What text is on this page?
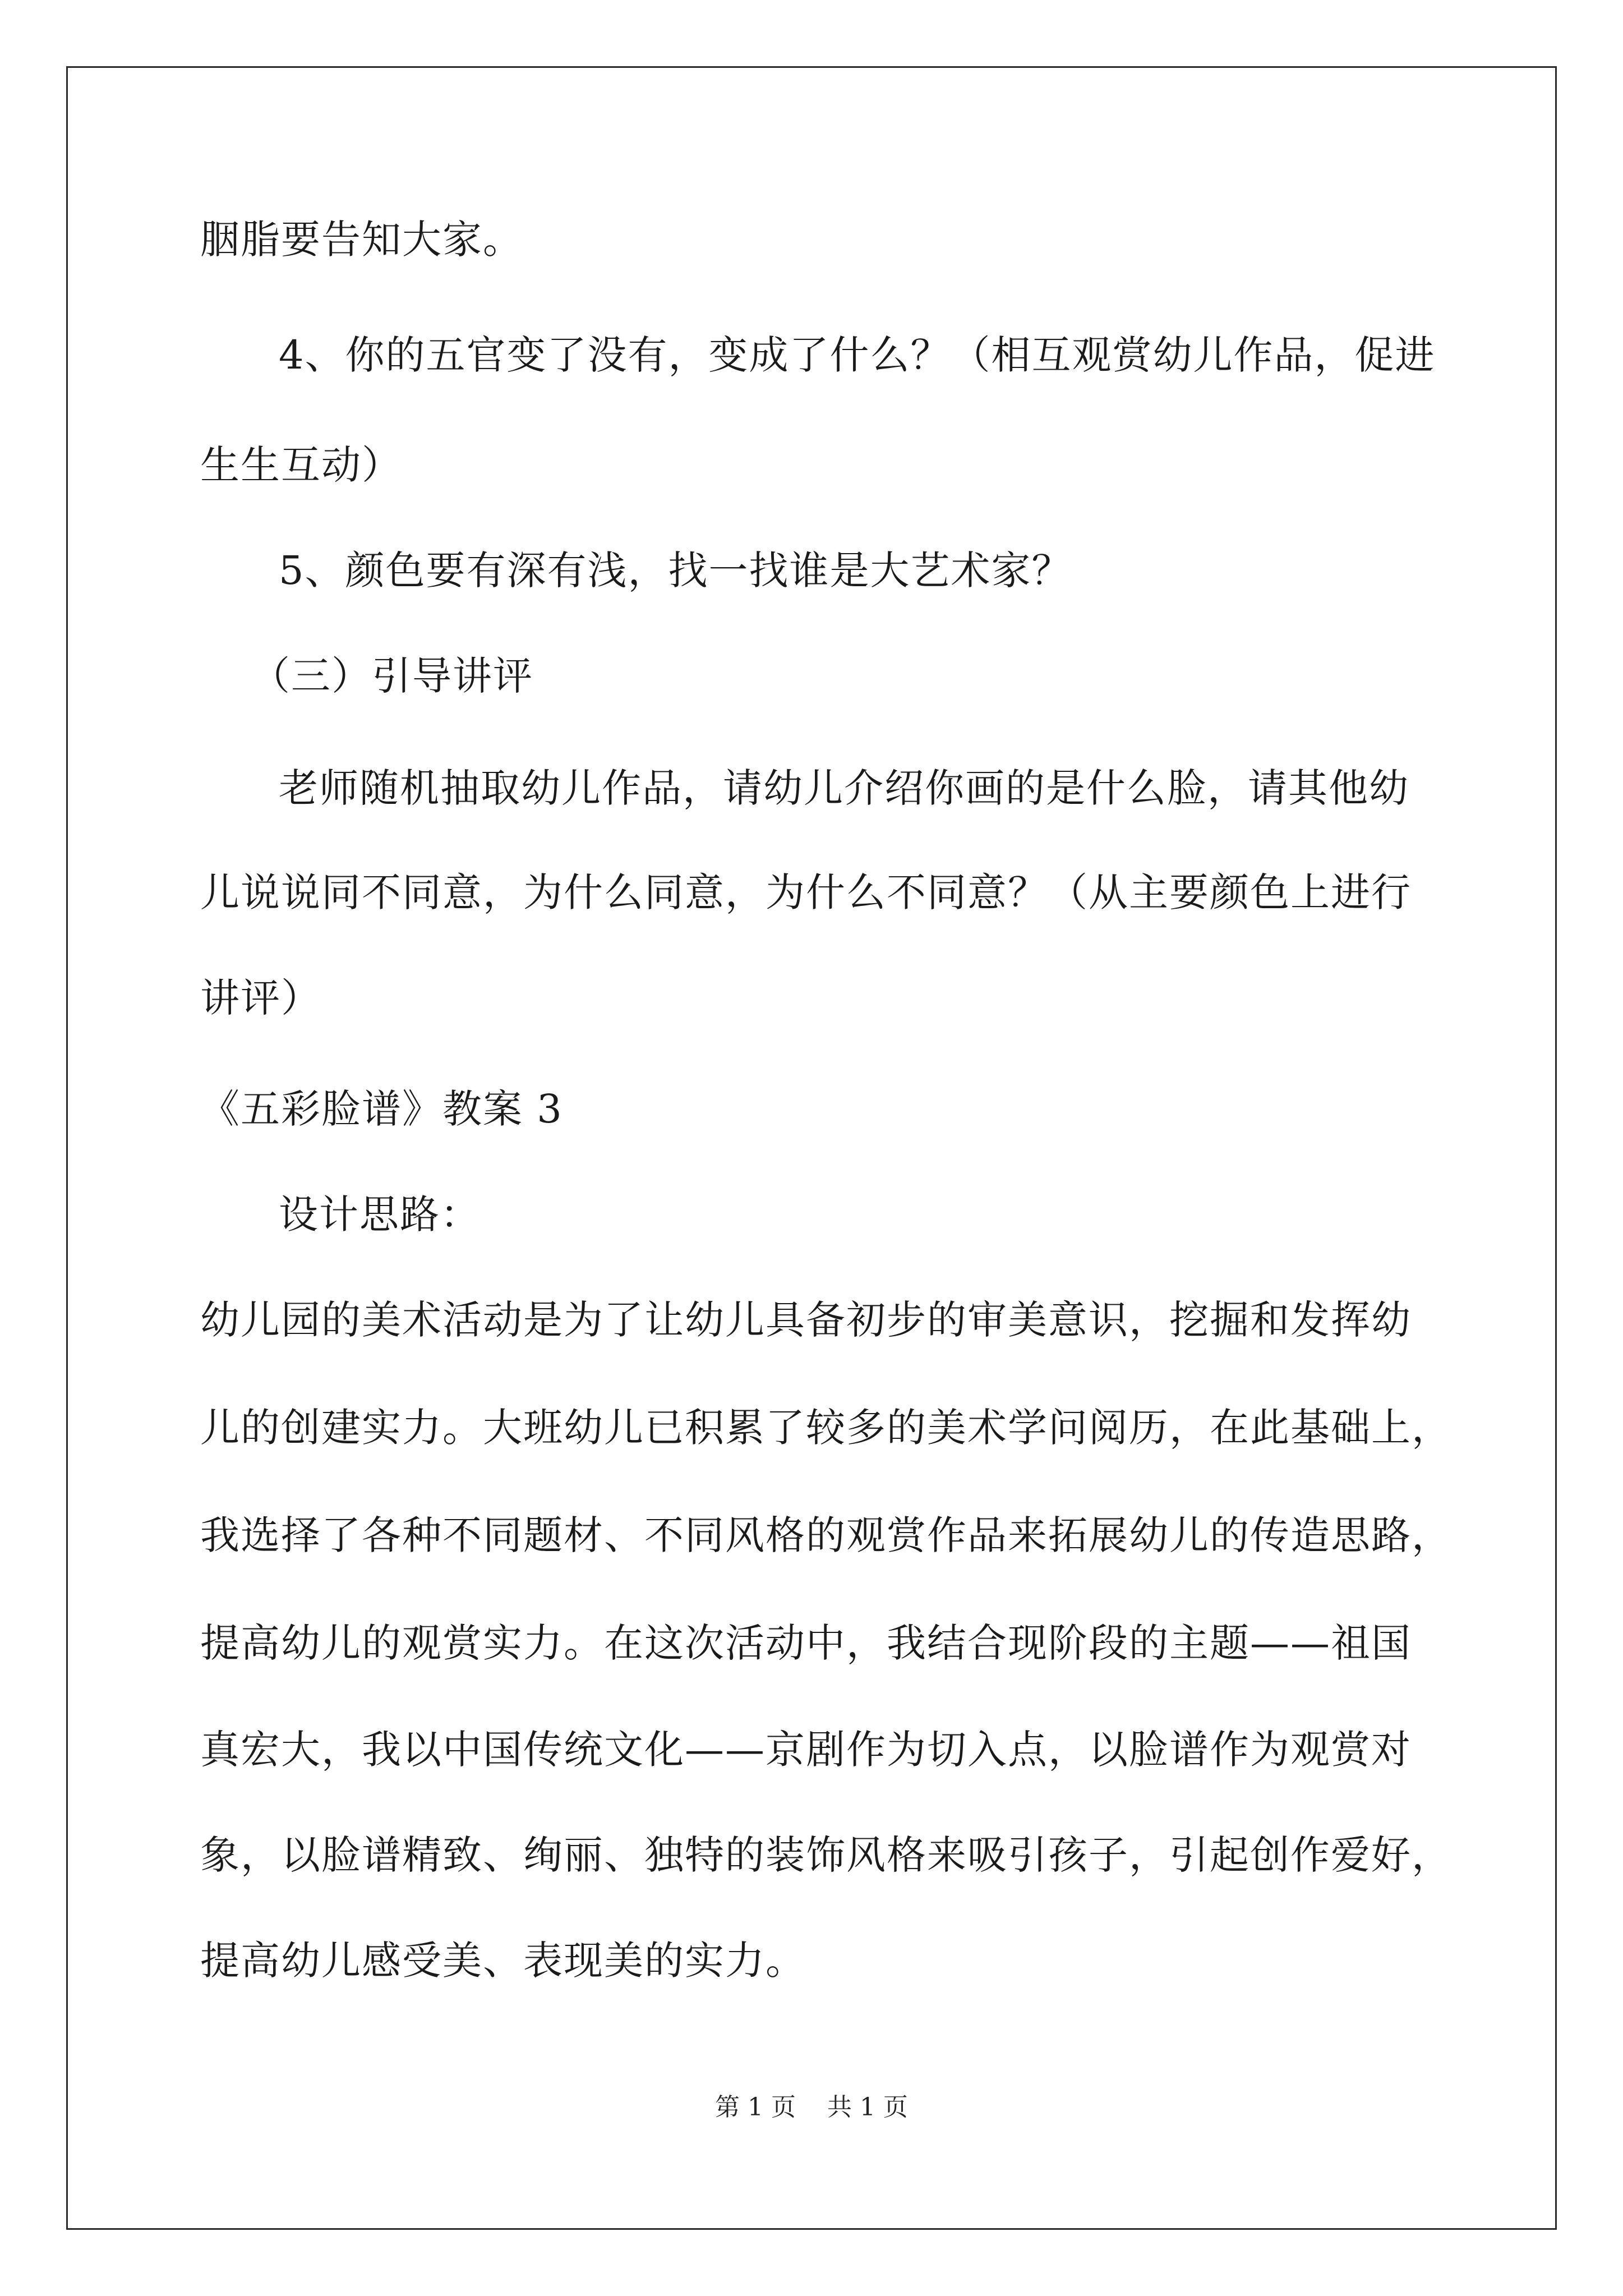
胭脂要告知大家。
4、你的五官变了没有，变成了什么？（相互观赏幼儿作品，促进
生生互动）
5、颜色要有深有浅，找一找谁是大艺术家？
（三）引导讲评
老师随机抽取幼儿作品，请幼儿介绍你画的是什么脸，请其他幼
儿说说同不同意，为什么同意，为什么不同意？（从主要颜色上进行
讲评）
《五彩脸谱》教案 3
设计思路：
幼儿园的美术活动是为了让幼儿具备初步的审美意识，挖掘和发挥幼
儿的创建实力。大班幼儿已积累了较多的美术学问阅历，在此基础上，
我选择了各种不同题材、不同风格的观赏作品来拓展幼儿的传造思路，
提高幼儿的观赏实力。在这次活动中，我结合现阶段的主题——祖国
真宏大，我以中国传统文化——京剧作为切入点，以脸谱作为观赏对
象，以脸谱精致、绚丽、独特的装饰风格来吸引孩子，引起创作爱好，
提高幼儿感受美、表现美的实力。
第 1 页    共 1 页
